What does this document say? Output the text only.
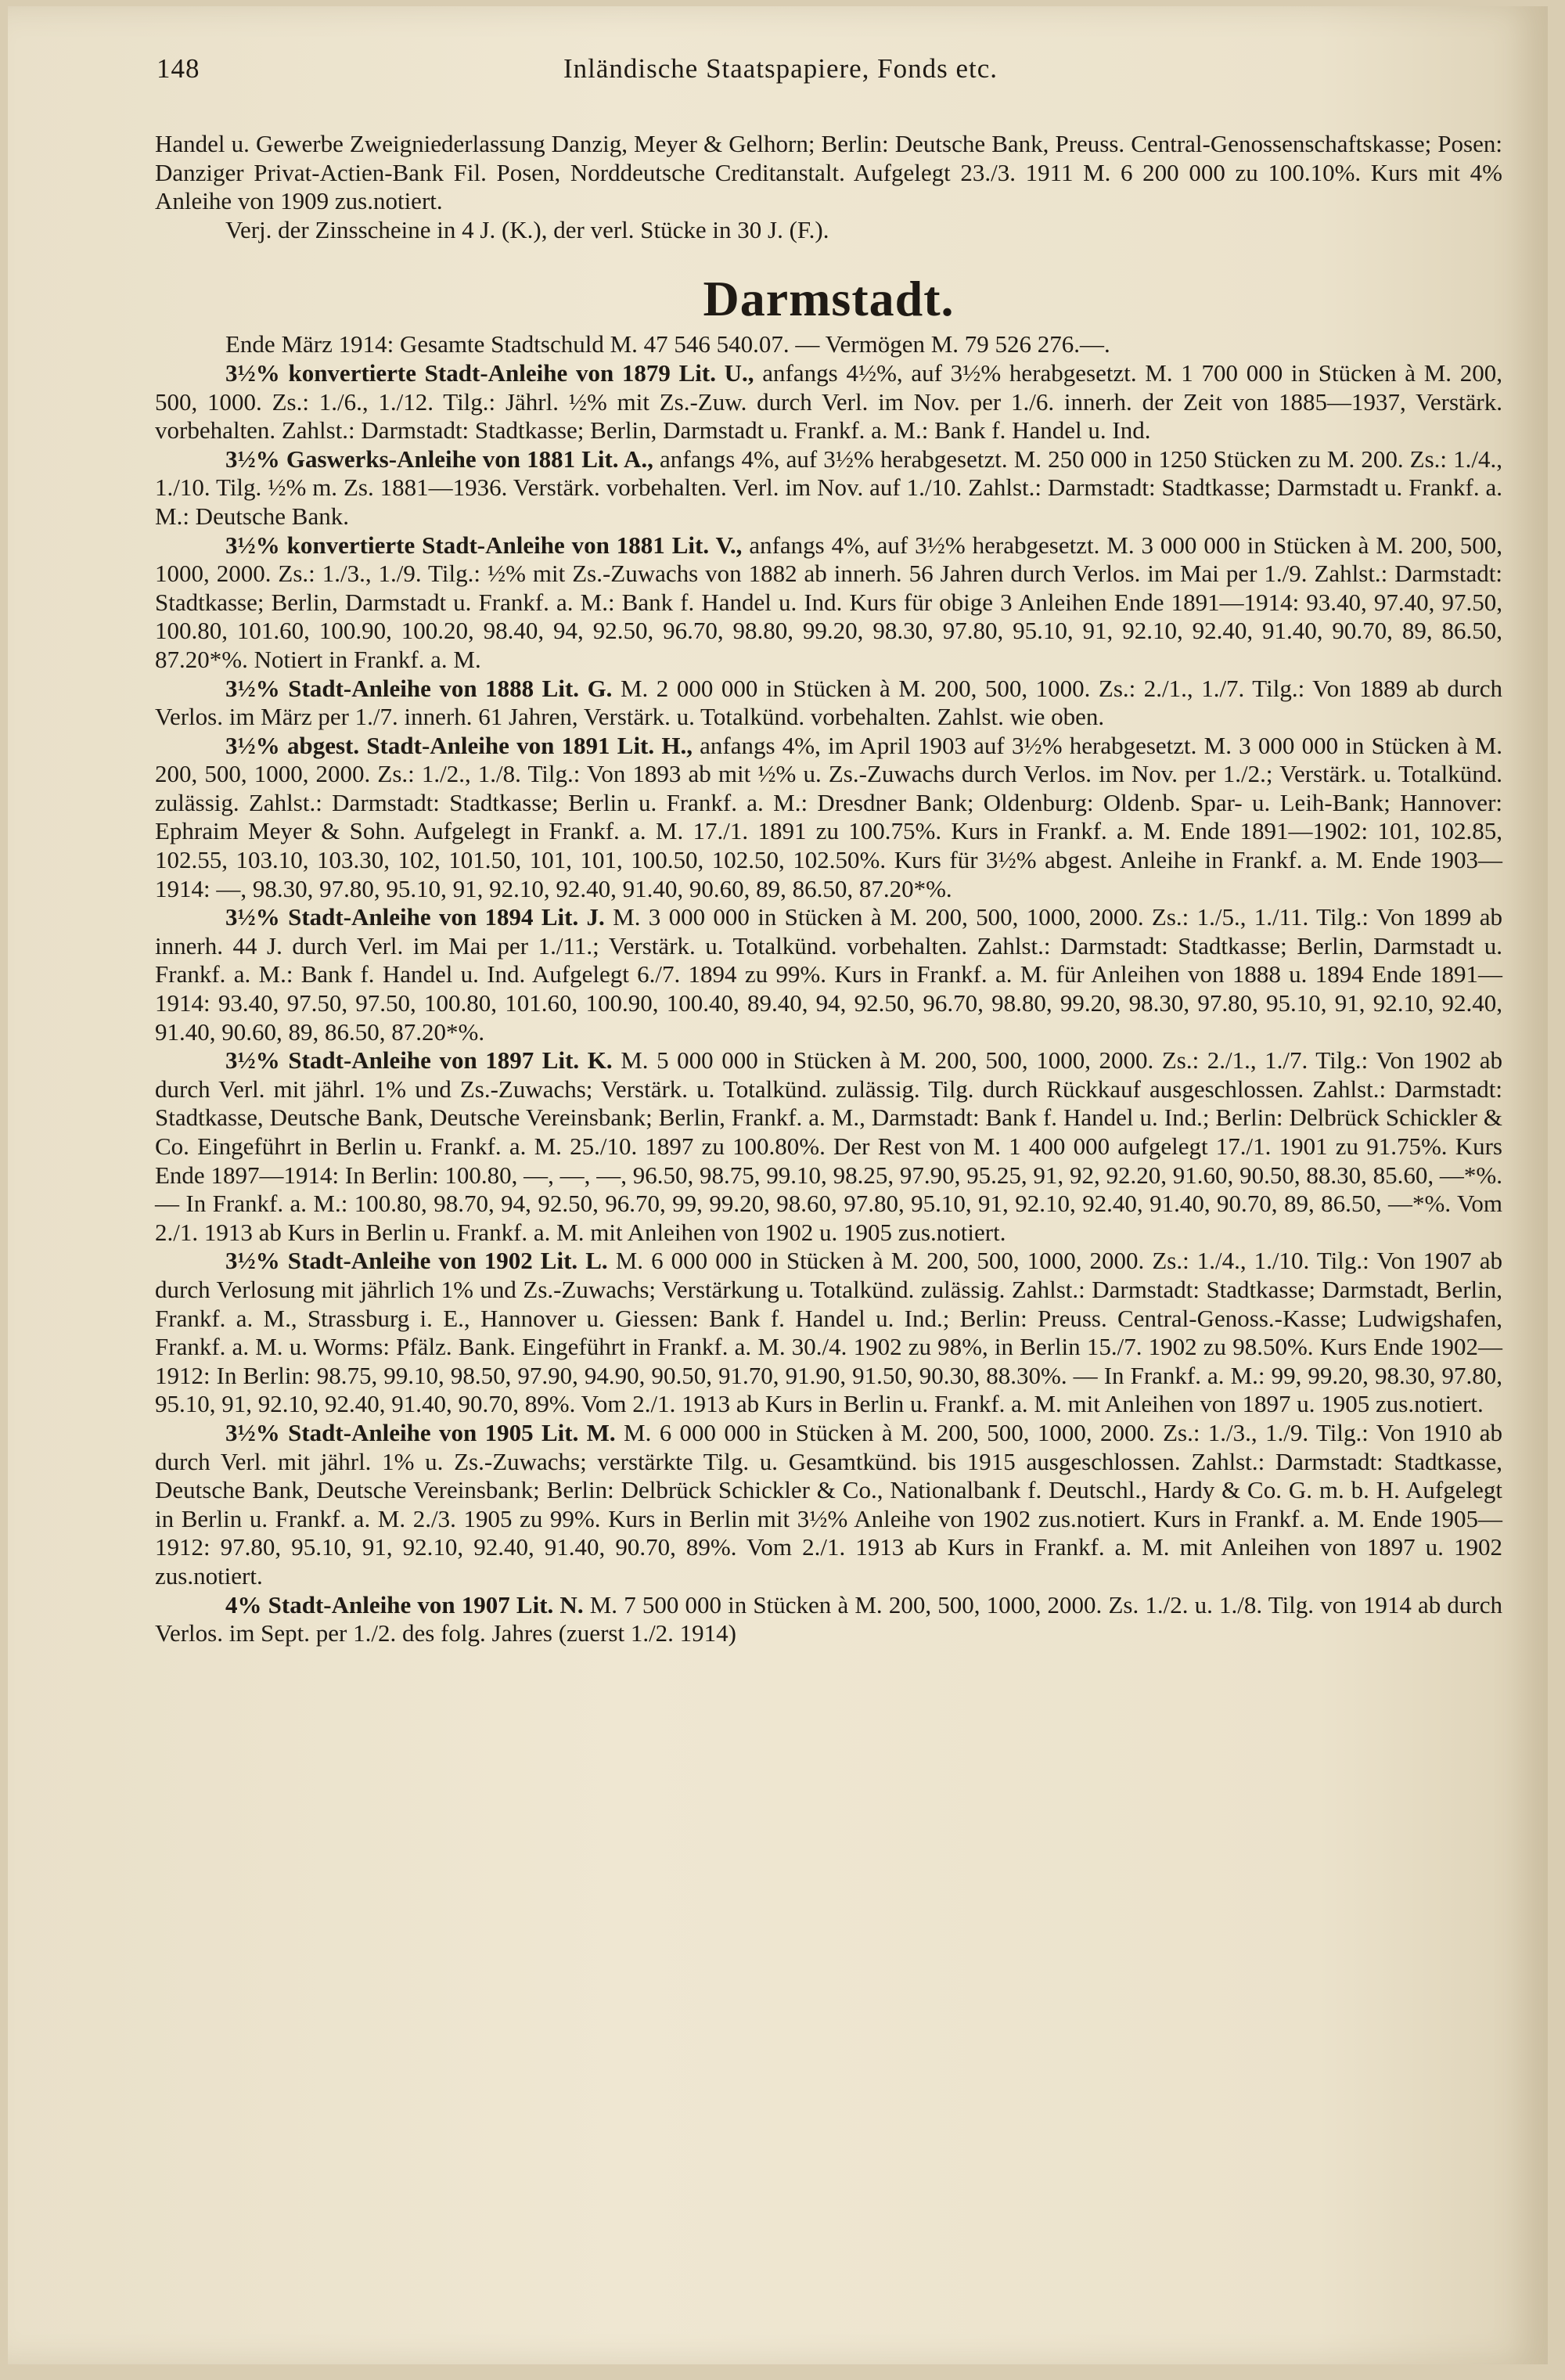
148	Inländische Staatspapiere, Fonds etc.

Handel u. Gewerbe Zweigniederlassung Danzig, Meyer & Gelhorn; Berlin: Deutsche Bank, Preuss. Central-Genossenschaftskasse; Posen: Danziger Privat-Actien-Bank Fil. Posen, Norddeutsche Creditanstalt. Aufgelegt 23./3. 1911 M. 6 200 000 zu 100.10%. Kurs mit 4% Anleihe von 1909 zus.notiert.

Verj. der Zinsscheine in 4 J. (K.), der verl. Stücke in 30 J. (F.).

Darmstadt.

Ende März 1914: Gesamte Stadtschuld M. 47 546 540.07. — Vermögen M. 79 526 276.—.

3½% konvertierte Stadt-Anleihe von 1879 Lit. U., anfangs 4½%, auf 3½% herabgesetzt. M. 1 700 000 in Stücken à M. 200, 500, 1000. Zs.: 1./6., 1./12. Tilg.: Jährl. ½% mit Zs.-Zuw. durch Verl. im Nov. per 1./6. innerh. der Zeit von 1885—1937, Verstärk. vorbehalten. Zahlst.: Darmstadt: Stadtkasse; Berlin, Darmstadt u. Frankf. a. M.: Bank f. Handel u. Ind.

3½% Gaswerks-Anleihe von 1881 Lit. A., anfangs 4%, auf 3½% herabgesetzt. M. 250 000 in 1250 Stücken zu M. 200. Zs.: 1./4., 1./10. Tilg. ½% m. Zs. 1881—1936. Verstärk. vorbehalten. Verl. im Nov. auf 1./10. Zahlst.: Darmstadt: Stadtkasse; Darmstadt u. Frankf. a. M.: Deutsche Bank.

3½% konvertierte Stadt-Anleihe von 1881 Lit. V., anfangs 4%, auf 3½% herabgesetzt. M. 3 000 000 in Stücken à M. 200, 500, 1000, 2000. Zs.: 1./3., 1./9. Tilg.: ½% mit Zs.-Zuwachs von 1882 ab innerh. 56 Jahren durch Verlos. im Mai per 1./9. Zahlst.: Darmstadt: Stadtkasse; Berlin, Darmstadt u. Frankf. a. M.: Bank f. Handel u. Ind. Kurs für obige 3 Anleihen Ende 1891—1914: 93.40, 97.40, 97.50, 100.80, 101.60, 100.90, 100.20, 98.40, 94, 92.50, 96.70, 98.80, 99.20, 98.30, 97.80, 95.10, 91, 92.10, 92.40, 91.40, 90.70, 89, 86.50, 87.20*%. Notiert in Frankf. a. M.

3½% Stadt-Anleihe von 1888 Lit. G. M. 2 000 000 in Stücken à M. 200, 500, 1000. Zs.: 2./1., 1./7. Tilg.: Von 1889 ab durch Verlos. im März per 1./7. innerh. 61 Jahren, Verstärk. u. Totalkünd. vorbehalten. Zahlst. wie oben.

3½% abgest. Stadt-Anleihe von 1891 Lit. H., anfangs 4%, im April 1903 auf 3½% herabgesetzt. M. 3 000 000 in Stücken à M. 200, 500, 1000, 2000. Zs.: 1./2., 1./8. Tilg.: Von 1893 ab mit ½% u. Zs.-Zuwachs durch Verlos. im Nov. per 1./2.; Verstärk. u. Totalkünd. zulässig. Zahlst.: Darmstadt: Stadtkasse; Berlin u. Frankf. a. M.: Dresdner Bank; Oldenburg: Oldenb. Spar- u. Leih-Bank; Hannover: Ephraim Meyer & Sohn. Aufgelegt in Frankf. a. M. 17./1. 1891 zu 100.75%. Kurs in Frankf. a. M. Ende 1891—1902: 101, 102.85, 102.55, 103.10, 103.30, 102, 101.50, 101, 101, 100.50, 102.50, 102.50%. Kurs für 3½% abgest. Anleihe in Frankf. a. M. Ende 1903—1914: —, 98.30, 97.80, 95.10, 91, 92.10, 92.40, 91.40, 90.60, 89, 86.50, 87.20*%.

3½% Stadt-Anleihe von 1894 Lit. J. M. 3 000 000 in Stücken à M. 200, 500, 1000, 2000. Zs.: 1./5., 1./11. Tilg.: Von 1899 ab innerh. 44 J. durch Verl. im Mai per 1./11.; Verstärk. u. Totalkünd. vorbehalten. Zahlst.: Darmstadt: Stadtkasse; Berlin, Darmstadt u. Frankf. a. M.: Bank f. Handel u. Ind. Aufgelegt 6./7. 1894 zu 99%. Kurs in Frankf. a. M. für Anleihen von 1888 u. 1894 Ende 1891—1914: 93.40, 97.50, 97.50, 100.80, 101.60, 100.90, 100.40, 89.40, 94, 92.50, 96.70, 98.80, 99.20, 98.30, 97.80, 95.10, 91, 92.10, 92.40, 91.40, 90.60, 89, 86.50, 87.20*%.

3½% Stadt-Anleihe von 1897 Lit. K. M. 5 000 000 in Stücken à M. 200, 500, 1000, 2000. Zs.: 2./1., 1./7. Tilg.: Von 1902 ab durch Verl. mit jährl. 1% und Zs.-Zuwachs; Verstärk. u. Totalkünd. zulässig. Tilg. durch Rückkauf ausgeschlossen. Zahlst.: Darmstadt: Stadtkasse, Deutsche Bank, Deutsche Vereinsbank; Berlin, Frankf. a. M., Darmstadt: Bank f. Handel u. Ind.; Berlin: Delbrück Schickler & Co. Eingeführt in Berlin u. Frankf. a. M. 25./10. 1897 zu 100.80%. Der Rest von M. 1 400 000 aufgelegt 17./1. 1901 zu 91.75%. Kurs Ende 1897—1914: In Berlin: 100.80, —, —, —, 96.50, 98.75, 99.10, 98.25, 97.90, 95.25, 91, 92, 92.20, 91.60, 90.50, 88.30, 85.60, —*%. — In Frankf. a. M.: 100.80, 98.70, 94, 92.50, 96.70, 99, 99.20, 98.60, 97.80, 95.10, 91, 92.10, 92.40, 91.40, 90.70, 89, 86.50, —*%. Vom 2./1. 1913 ab Kurs in Berlin u. Frankf. a. M. mit Anleihen von 1902 u. 1905 zus.notiert.

3½% Stadt-Anleihe von 1902 Lit. L. M. 6 000 000 in Stücken à M. 200, 500, 1000, 2000. Zs.: 1./4., 1./10. Tilg.: Von 1907 ab durch Verlosung mit jährlich 1% und Zs.-Zuwachs; Verstärkung u. Totalkünd. zulässig. Zahlst.: Darmstadt: Stadtkasse; Darmstadt, Berlin, Frankf. a. M., Strassburg i. E., Hannover u. Giessen: Bank f. Handel u. Ind.; Berlin: Preuss. Central-Genoss.-Kasse; Ludwigshafen, Frankf. a. M. u. Worms: Pfälz. Bank. Eingeführt in Frankf. a. M. 30./4. 1902 zu 98%, in Berlin 15./7. 1902 zu 98.50%. Kurs Ende 1902—1912: In Berlin: 98.75, 99.10, 98.50, 97.90, 94.90, 90.50, 91.70, 91.90, 91.50, 90.30, 88.30%. — In Frankf. a. M.: 99, 99.20, 98.30, 97.80, 95.10, 91, 92.10, 92.40, 91.40, 90.70, 89%. Vom 2./1. 1913 ab Kurs in Berlin u. Frankf. a. M. mit Anleihen von 1897 u. 1905 zus.notiert.

3½% Stadt-Anleihe von 1905 Lit. M. M. 6 000 000 in Stücken à M. 200, 500, 1000, 2000. Zs.: 1./3., 1./9. Tilg.: Von 1910 ab durch Verl. mit jährl. 1% u. Zs.-Zuwachs; verstärkte Tilg. u. Gesamtkünd. bis 1915 ausgeschlossen. Zahlst.: Darmstadt: Stadtkasse, Deutsche Bank, Deutsche Vereinsbank; Berlin: Delbrück Schickler & Co., Nationalbank f. Deutschl., Hardy & Co. G. m. b. H. Aufgelegt in Berlin u. Frankf. a. M. 2./3. 1905 zu 99%. Kurs in Berlin mit 3½% Anleihe von 1902 zus.notiert. Kurs in Frankf. a. M. Ende 1905—1912: 97.80, 95.10, 91, 92.10, 92.40, 91.40, 90.70, 89%. Vom 2./1. 1913 ab Kurs in Frankf. a. M. mit Anleihen von 1897 u. 1902 zus.notiert.

4% Stadt-Anleihe von 1907 Lit. N. M. 7 500 000 in Stücken à M. 200, 500, 1000, 2000. Zs. 1./2. u. 1./8. Tilg. von 1914 ab durch Verlos. im Sept. per 1./2. des folg. Jahres (zuerst 1./2. 1914)
